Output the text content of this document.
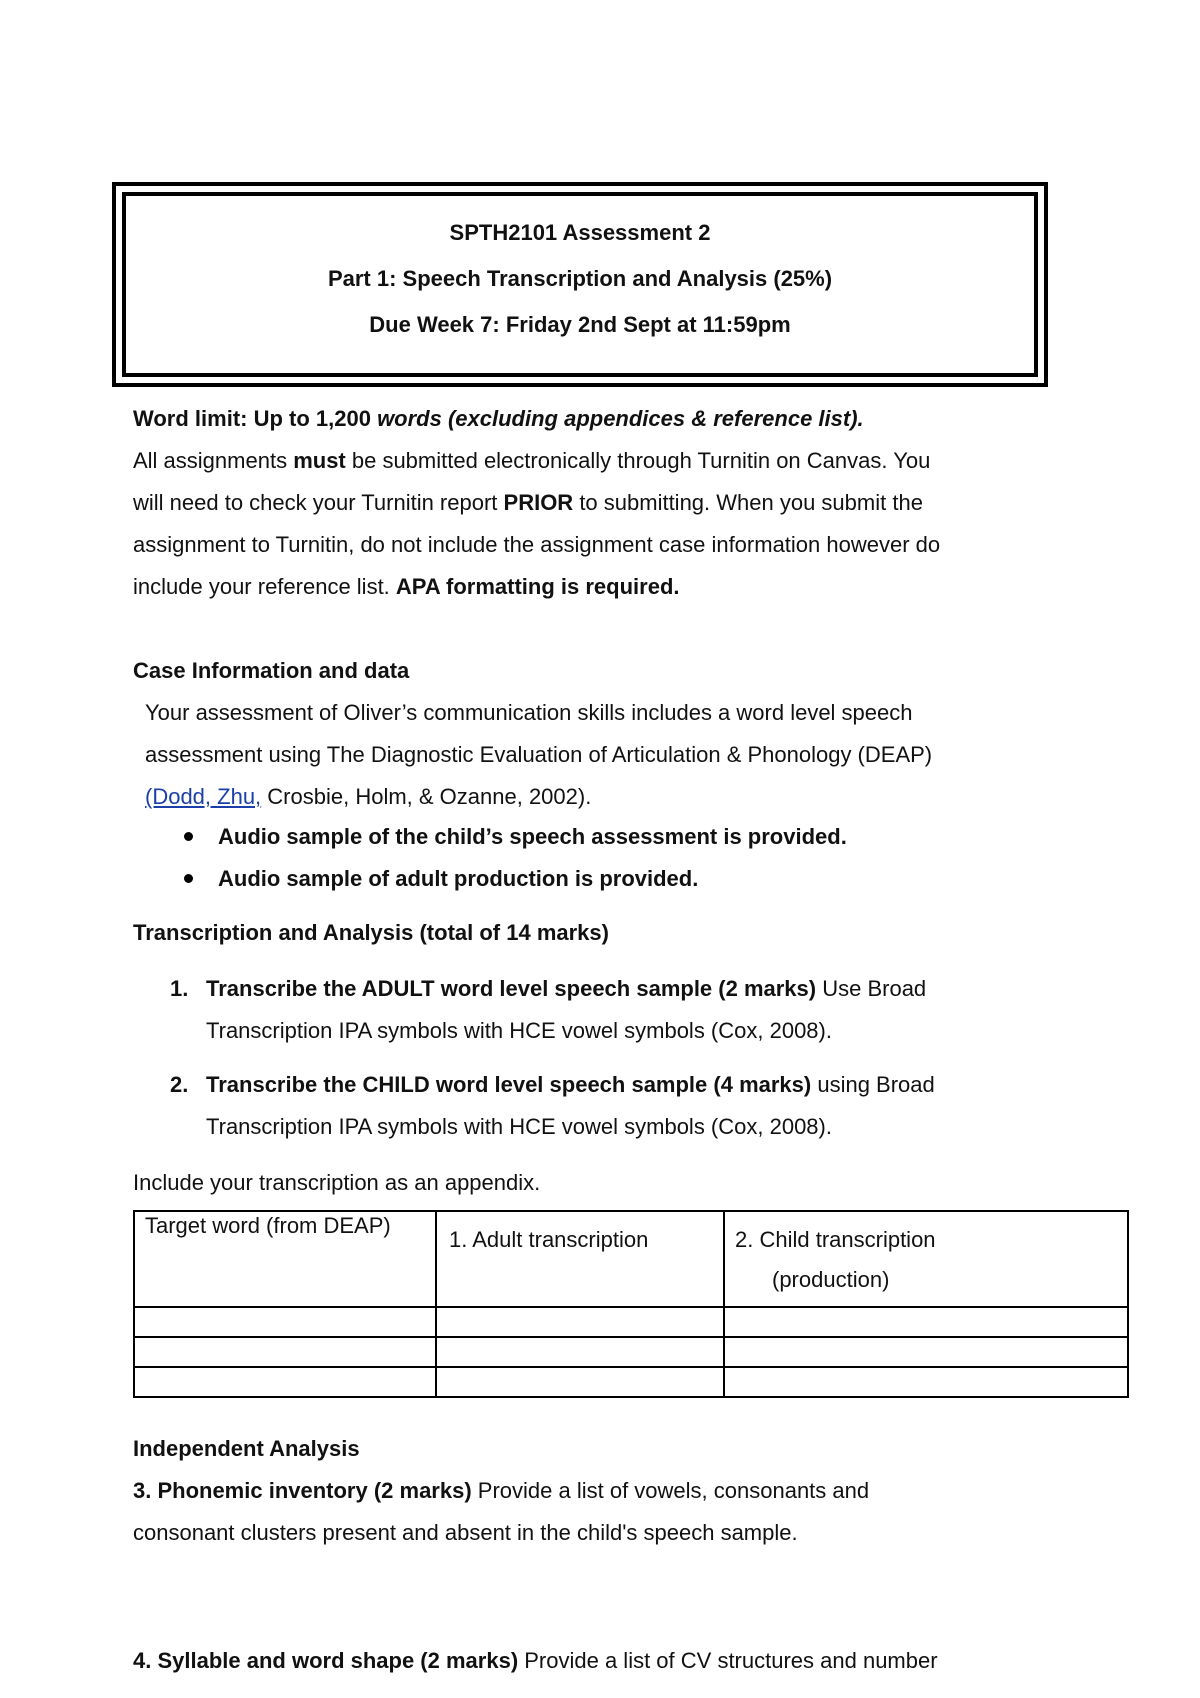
SPTH2101 Assessment 2
Part 1: Speech Transcription and Analysis (25%)
Due Week 7: Friday 2nd Sept at 11:59pm
Word limit: Up to 1,200 words (excluding appendices & reference list).
All assignments must be submitted electronically through Turnitin on Canvas. You
will need to check your Turnitin report PRIOR to submitting. When you submit the
assignment to Turnitin, do not include the assignment case information however do
include your reference list. APA formatting is required.
Case Information and data
Your assessment of Oliver’s communication skills includes a word level speech
assessment using The Diagnostic Evaluation of Articulation & Phonology (DEAP)
(Dodd, Zhu, Crosbie, Holm, & Ozanne, 2002).
Audio sample of the child’s speech assessment is provided.
Audio sample of adult production is provided.
Transcription and Analysis (total of 14 marks)
1. Transcribe the ADULT word level speech sample (2 marks) Use Broad
Transcription IPA symbols with HCE vowel symbols (Cox, 2008).
2. Transcribe the CHILD word level speech sample (4 marks) using Broad
Transcription IPA symbols with HCE vowel symbols (Cox, 2008).
Include your transcription as an appendix.
Target word (from DEAP)	1. Adult transcription	2. Child transcription
(production)

Independent Analysis
3. Phonemic inventory (2 marks) Provide a list of vowels, consonants and
consonant clusters present and absent in the child's speech sample.
4. Syllable and word shape (2 marks) Provide a list of CV structures and number
